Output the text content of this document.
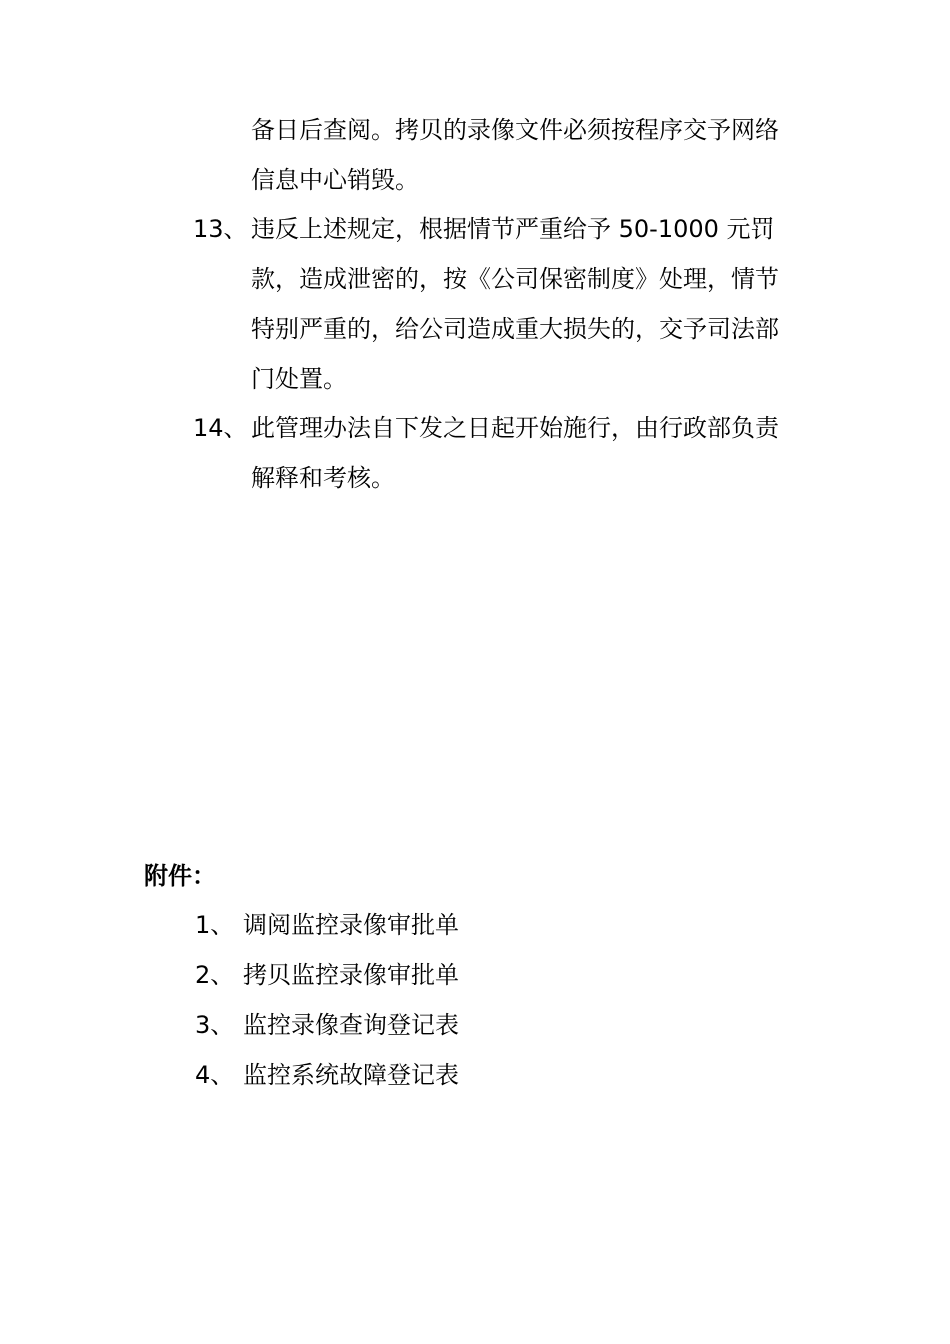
备日后查阅。拷贝的录像文件必须按程序交予网络
信息中心销毁。
13、 违反上述规定，根据情节严重给予 50-1000 元罚
款，造成泄密的，按《公司保密制度》处理，情节
特别严重的，给公司造成重大损失的，交予司法部
门处置。
14、 此管理办法自下发之日起开始施行，由行政部负责
解释和考核。
附件：
1、 调阅监控录像审批单
2、 拷贝监控录像审批单
3、 监控录像查询登记表
4、 监控系统故障登记表
